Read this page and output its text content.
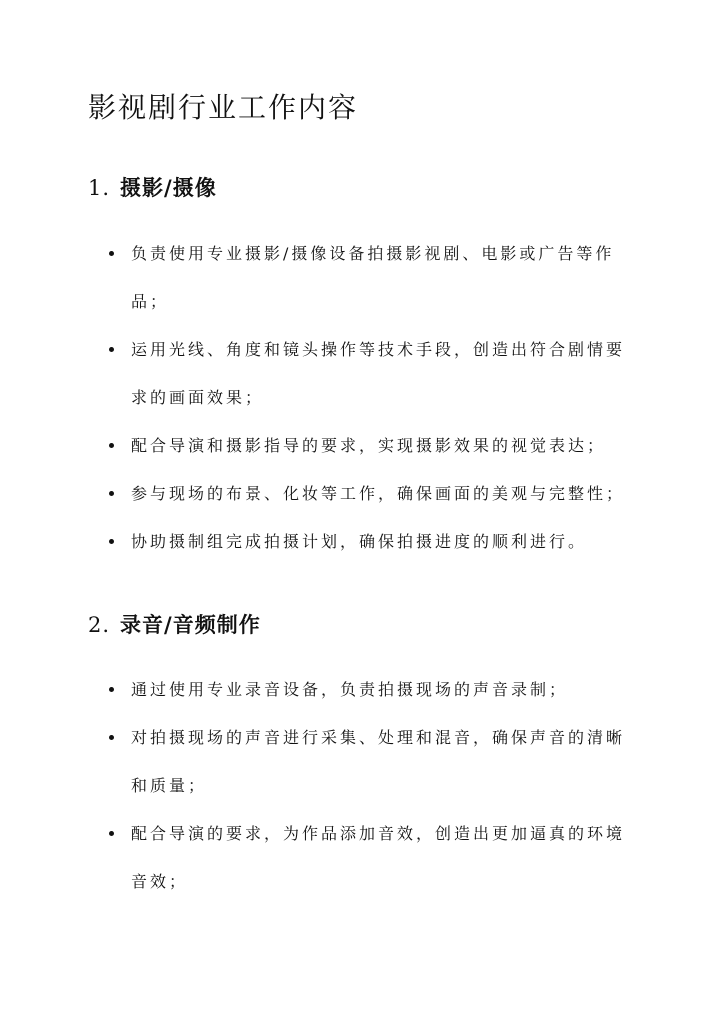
影视剧行业工作内容
1. 摄影/摄像
负责使用专业摄影/摄像设备拍摄影视剧、电影或广告等作品；
运用光线、角度和镜头操作等技术手段，创造出符合剧情要求的画面效果；
配合导演和摄影指导的要求，实现摄影效果的视觉表达；
参与现场的布景、化妆等工作，确保画面的美观与完整性；
协助摄制组完成拍摄计划，确保拍摄进度的顺利进行。
2. 录音/音频制作
通过使用专业录音设备，负责拍摄现场的声音录制；
对拍摄现场的声音进行采集、处理和混音，确保声音的清晰和质量；
配合导演的要求，为作品添加音效，创造出更加逼真的环境音效；
